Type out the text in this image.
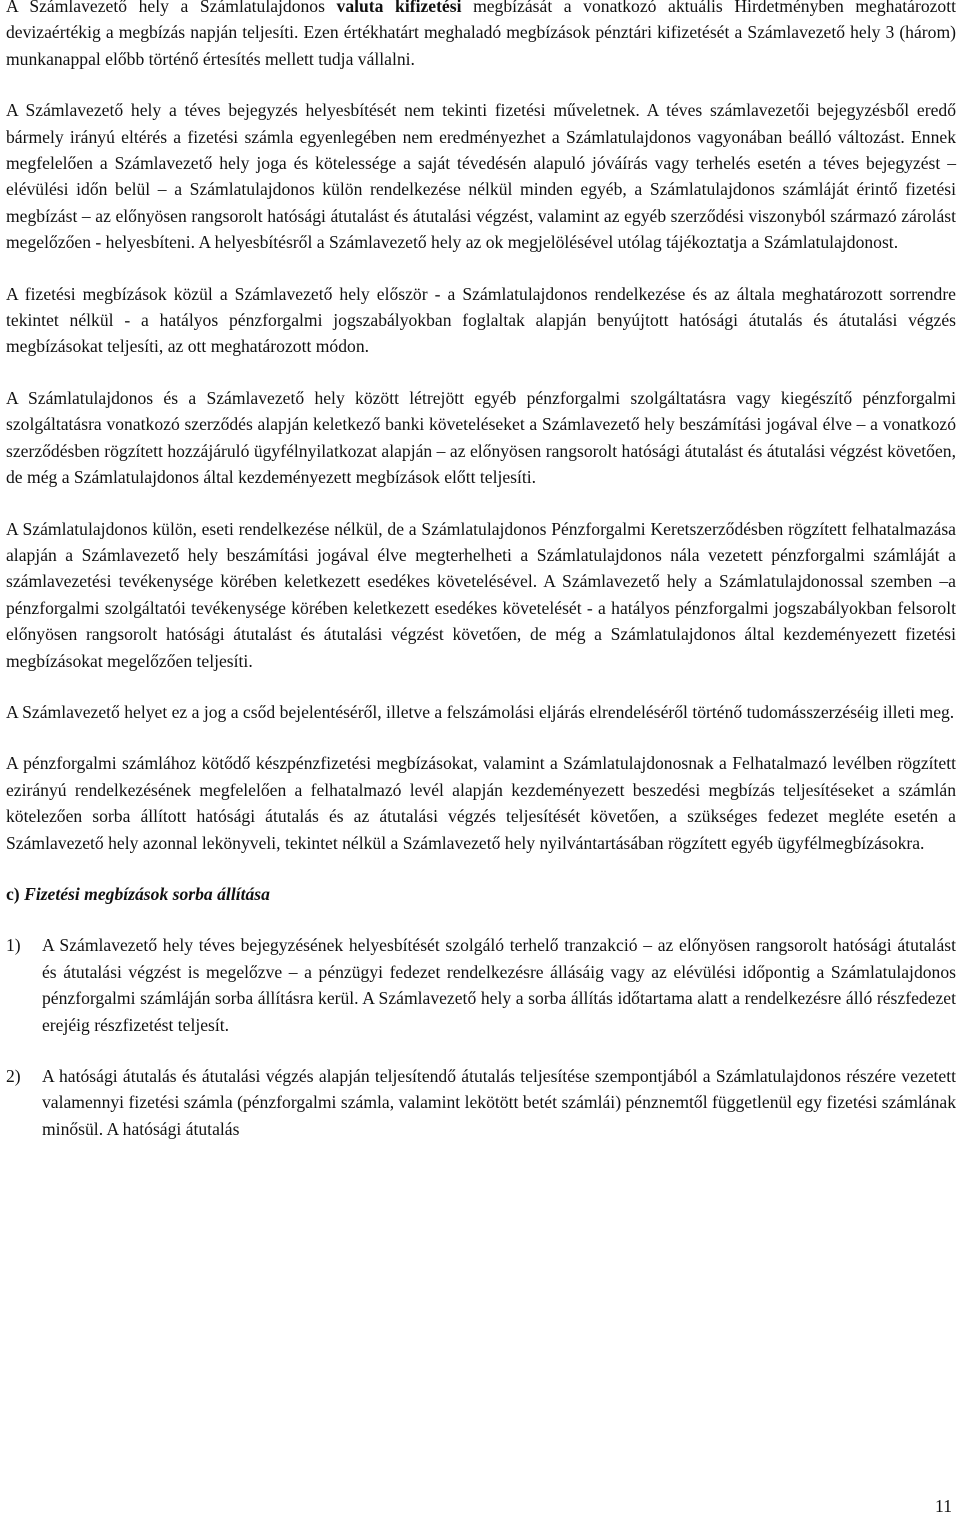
A Számlavezető hely a Számlatulajdonos valuta kifizetési megbízását a vonatkozó aktuális Hirdetményben meghatározott devizaértékig a megbízás napján teljesíti. Ezen értékhatárt meghaladó megbízások pénztári kifizetését a Számlavezető hely 3 (három) munkanappal előbb történő értesítés mellett tudja vállalni.

A Számlavezető hely a téves bejegyzés helyesbítését nem tekinti fizetési műveletnek. A téves számlavezetői bejegyzésből eredő bármely irányú eltérés a fizetési számla egyenlegében nem eredményezhet a Számlatulajdonos vagyonában beálló változást. Ennek megfelelően a Számlavezető hely joga és kötelessége a saját tévedésén alapuló jóváírás vagy terhelés esetén a téves bejegyzést – elévülési időn belül – a Számlatulajdonos külön rendelkezése nélkül minden egyéb, a Számlatulajdonos számláját érintő fizetési megbízást – az előnyösen rangsorolt hatósági átutalást és átutalási végzést, valamint az egyéb szerződési viszonyból származó zárolást megelőzően - helyesbíteni. A helyesbítésről a Számlavezető hely az ok megjelölésével utólag tájékoztatja a Számlatulajdonost.

A fizetési megbízások közül a Számlavezető hely először - a Számlatulajdonos rendelkezése és az általa meghatározott sorrendre tekintet nélkül - a hatályos pénzforgalmi jogszabályokban foglaltak alapján benyújtott hatósági átutalás és átutalási végzés megbízásokat teljesíti, az ott meghatározott módon.

A Számlatulajdonos és a Számlavezető hely között létrejött egyéb pénzforgalmi szolgáltatásra vagy kiegészítő pénzforgalmi szolgáltatásra vonatkozó szerződés alapján keletkező banki követeléseket a Számlavezető hely beszámítási jogával élve – a vonatkozó szerződésben rögzített hozzájáruló ügyfélnyilatkozat alapján – az előnyösen rangsorolt hatósági átutalást és átutalási végzést követően, de még a Számlatulajdonos által kezdeményezett megbízások előtt teljesíti.

A Számlatulajdonos külön, eseti rendelkezése nélkül, de a Számlatulajdonos Pénzforgalmi Keretszerződésben rögzített felhatalmazása alapján a Számlavezető hely beszámítási jogával élve megterhelheti a Számlatulajdonos nála vezetett pénzforgalmi számláját a számlavezetési tevékenysége körében keletkezett esedékes követelésével. A Számlavezető hely a Számlatulajdonossal szemben –a pénzforgalmi szolgáltatói tevékenysége körében keletkezett esedékes követelését - a hatályos pénzforgalmi jogszabályokban felsorolt előnyösen rangsorolt hatósági átutalást és átutalási végzést követően, de még a Számlatulajdonos által kezdeményezett fizetési megbízásokat megelőzően teljesíti.

A Számlavezető helyet ez a jog a csőd bejelentéséről, illetve a felszámolási eljárás elrendeléséről történő tudomásszerzéséig illeti meg.

A pénzforgalmi számlához kötődő készpénzfizetési megbízásokat, valamint a Számlatulajdonosnak a Felhatalmazó levélben rögzített ezirányú rendelkezésének megfelelően a felhatalmazó levél alapján kezdeményezett beszedési megbízás teljesítéseket a számlán kötelezően sorba állított hatósági átutalás és az átutalási végzés teljesítését követően, a szükséges fedezet megléte esetén a Számlavezető hely azonnal lekönyveli, tekintet nélkül a Számlavezető hely nyilvántartásában rögzített egyéb ügyfélmegbízásokra.

c) Fizetési megbízások sorba állítása
1)	A Számlavezető hely téves bejegyzésének helyesbítését szolgáló terhelő tranzakció – az előnyösen rangsorolt hatósági átutalást és átutalási végzést is megelőzve – a pénzügyi fedezet rendelkezésre állásáig vagy az elévülési időpontig a Számlatulajdonos pénzforgalmi számláján sorba állításra kerül. A Számlavezető hely a sorba állítás időtartama alatt a rendelkezésre álló részfedezet erejéig részfizetést teljesít.
2)	A hatósági átutalás és átutalási végzés alapján teljesítendő átutalás teljesítése szempontjából a Számlatulajdonos részére vezetett valamennyi fizetési számla (pénzforgalmi számla, valamint lekötött betét számlái) pénznemtől függetlenül egy fizetési számlának minősül. A hatósági átutalás
11
